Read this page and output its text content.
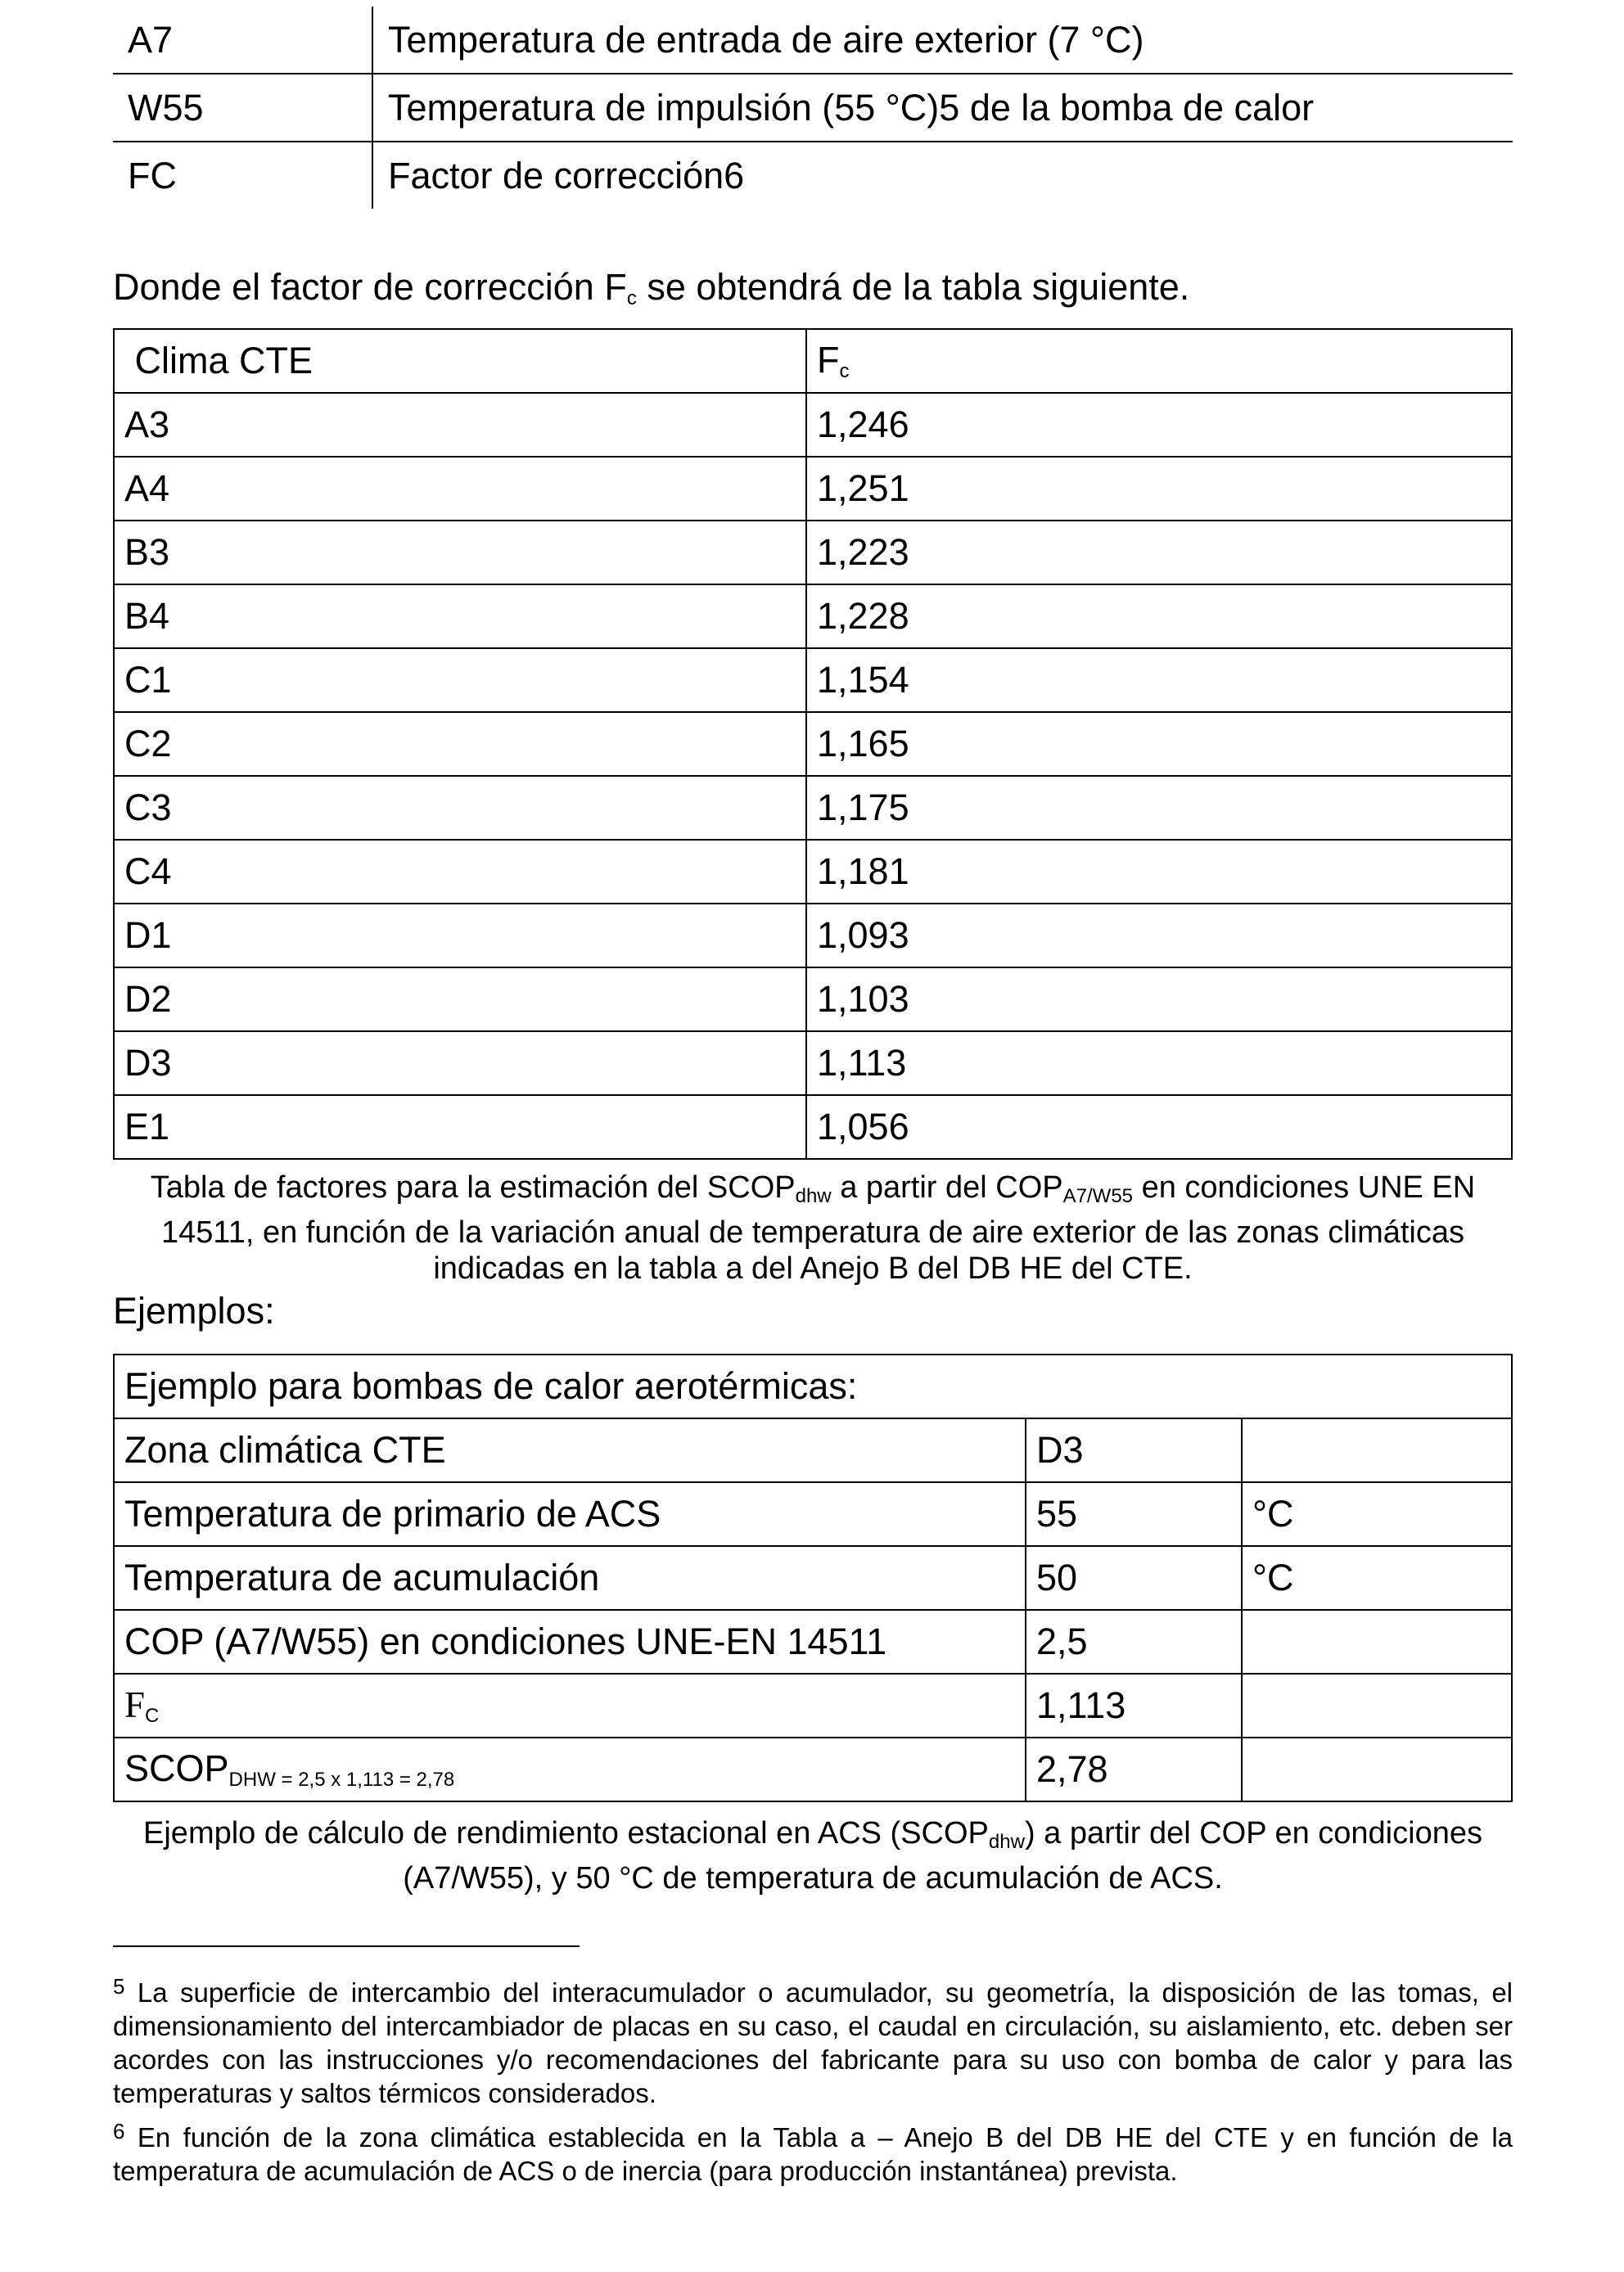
A7	Temperatura de entrada de aire exterior (7 °C)
W55	Temperatura de impulsión (55 °C)5 de la bomba de calor
FC	Factor de corrección6

Donde el factor de corrección $F_c$ se obtendrá de la tabla siguiente.

Clima CTE	$F_c$
A3	1,246
A4	1,251
B3	1,223
B4	1,228
C1	1,154
C2	1,165
C3	1,175
C4	1,181
D1	1,093
D2	1,103
D3	1,113
E1	1,056

Tabla de factores para la estimación del $SCOP_{dhw}$ a partir del $COP_{A7/W55}$ en condiciones UNE EN 14511, en función de la variación anual de temperatura de aire exterior de las zonas climáticas indicadas en la tabla a del Anejo B del DB HE del CTE.

Ejemplos:

Ejemplo para bombas de calor aerotérmicas:		
Zona climática CTE	D3	
Temperatura de primario de ACS	55	°C
Temperatura de acumulación	50	°C
COP (A7/W55) en condiciones UNE-EN 14511	2,5	
$F_C$	1,113	
$SCOP_{DHW = 2,5 x 1,113 = 2,78}$	2,78	

Ejemplo de cálculo de rendimiento estacional en ACS $(SCOP_{dhw})$ a partir del COP en condiciones (A7/W55), y 50 °C de temperatura de acumulación de ACS.

$^5$ La superficie de intercambio del interacumulador o acumulador, su geometría, la disposición de las tomas, el dimensionamiento del intercambiador de placas en su caso, el caudal en circulación, su aislamiento, etc. deben ser acordes con las instrucciones y/o recomendaciones del fabricante para su uso con bomba de calor y para las temperaturas y saltos térmicos considerados.

$^6$ En función de la zona climática establecida en la Tabla a – Anejo B del DB HE del CTE y en función de la temperatura de acumulación de ACS o de inercia (para producción instantánea) prevista.
